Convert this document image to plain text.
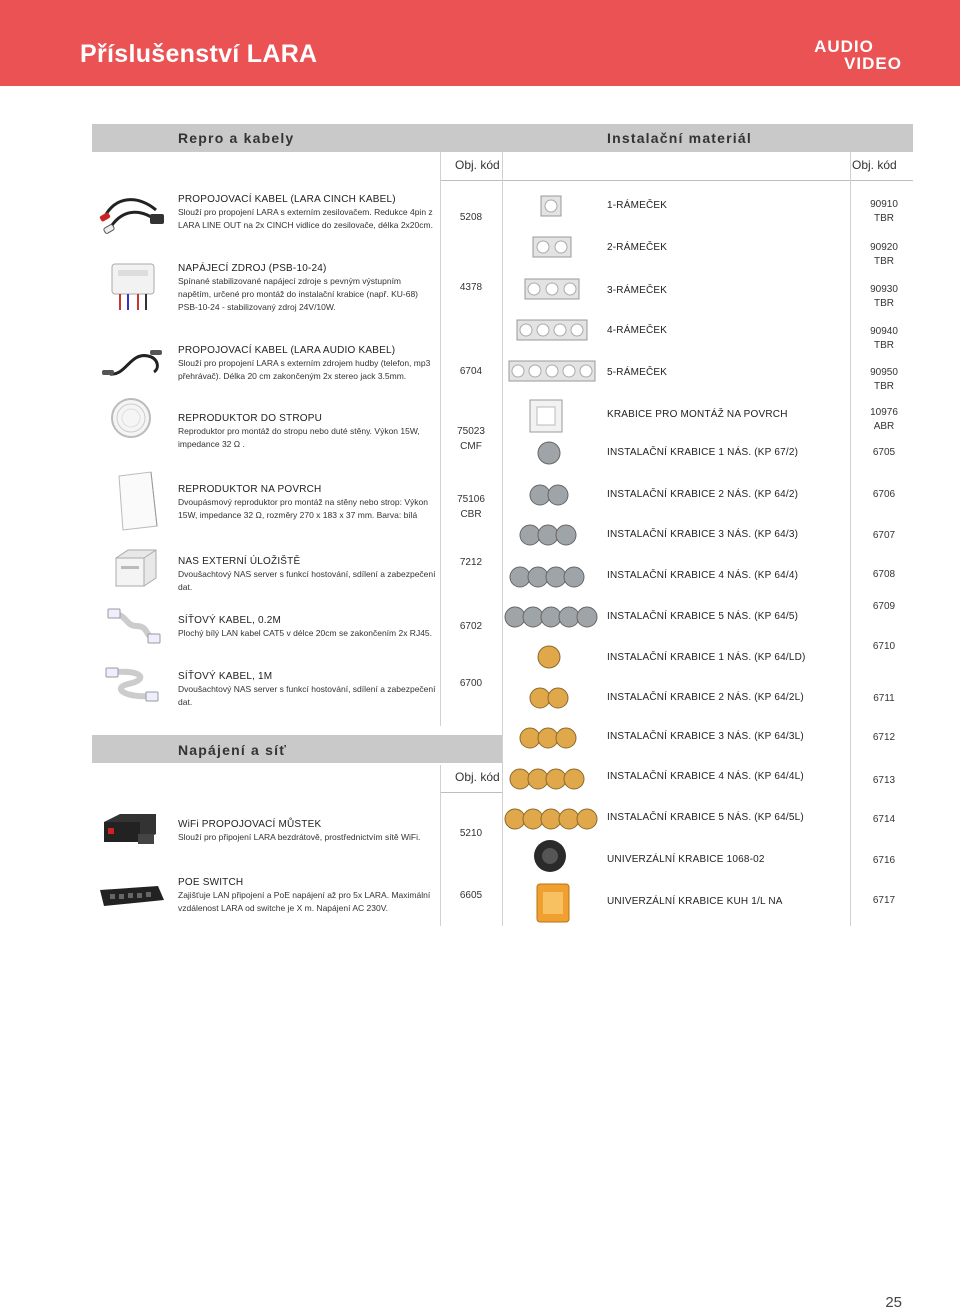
Příslušenství LARA	AUDIO
VIDEO
Repro a kabely	Instalační materiál
Obj. kód	Obj. kód
Napájení a síť
Obj. kód
PROPOJOVACÍ KABEL (LARA CINCH KABEL)
Slouží pro propojení LARA s externím zesilovačem. Redukce 4pin z LARA LINE OUT na 2x CINCH vidlice do zesilovače, délka 2x20cm.
5208
NAPÁJECÍ ZDROJ (PSB-10-24)
Spínané stabilizované napájecí zdroje s pevným výstupním napětím, určené pro montáž do instalační krabice (např. KU-68) PSB-10-24 - stabilizovaný zdroj 24V/10W.
4378
PROPOJOVACÍ KABEL (LARA AUDIO KABEL)
Slouží pro propojení LARA s externím zdrojem hudby (telefon, mp3 přehrávač). Délka 20 cm zakončeným 2x stereo jack 3.5mm.	6704
REPRODUKTOR DO STROPU
Reproduktor pro montáž do stropu nebo duté stěny. Výkon 15W, impedance 32 Ω .
75023
CMF
REPRODUKTOR NA POVRCH
Dvoupásmový reproduktor pro montáž na stěny nebo strop: Výkon 15W, impedance 32 Ω, rozměry 270 x 183 x 37 mm. Barva: bílá
75106
CBR
NAS EXTERNÍ ÚLOŽIŠTĚ
Dvoušachtový NAS server s funkcí hostování, sdílení a zabezpečení dat.
7212
SÍŤOVÝ KABEL, 0.2M
Plochý bílý LAN kabel CAT5 v délce 20cm se zakončením 2x RJ45.
6702
SÍŤOVÝ KABEL, 1M
Dvoušachtový NAS server s funkcí hostování, sdílení a zabezpečení dat.
6700
WiFi PROPOJOVACÍ MŮSTEK
Slouží pro připojení LARA bezdrátově, prostřednictvím sítě WiFi.	5210
POE SWITCH
Zajišťuje LAN připojení a PoE napájení až pro 5x LARA. Maximální vzdálenost LARA od switche je X m. Napájení AC 230V.
6605
1-RÁMEČEK	90910
TBR
2-RÁMEČEK	90920
TBR
3-RÁMEČEK	90930
TBR
4-RÁMEČEK	90940
TBR
5-RÁMEČEK	90950
TBR
KRABICE PRO MONTÁŽ NA POVRCH	10976
ABR
INSTALAČNÍ KRABICE 1 NÁS. (KP 67/2)	6705
INSTALAČNÍ KRABICE 2 NÁS. (KP 64/2)	6706
INSTALAČNÍ KRABICE 3 NÁS. (KP 64/3)	6707
INSTALAČNÍ KRABICE 4 NÁS. (KP 64/4)	6708
INSTALAČNÍ KRABICE 5 NÁS. (KP 64/5)
6709
INSTALAČNÍ KRABICE 1 NÁS. (KP 64/LD)
6710
INSTALAČNÍ KRABICE 2 NÁS. (KP 64/2L)	6711
INSTALAČNÍ KRABICE 3 NÁS. (KP 64/3L)	6712
INSTALAČNÍ KRABICE 4 NÁS. (KP 64/4L)	6713
INSTALAČNÍ KRABICE 5 NÁS. (KP 64/5L)	6714
UNIVERZÁLNÍ KRABICE 1068-02	6716
UNIVERZÁLNÍ KRABICE KUH 1/L NA	6717
25
